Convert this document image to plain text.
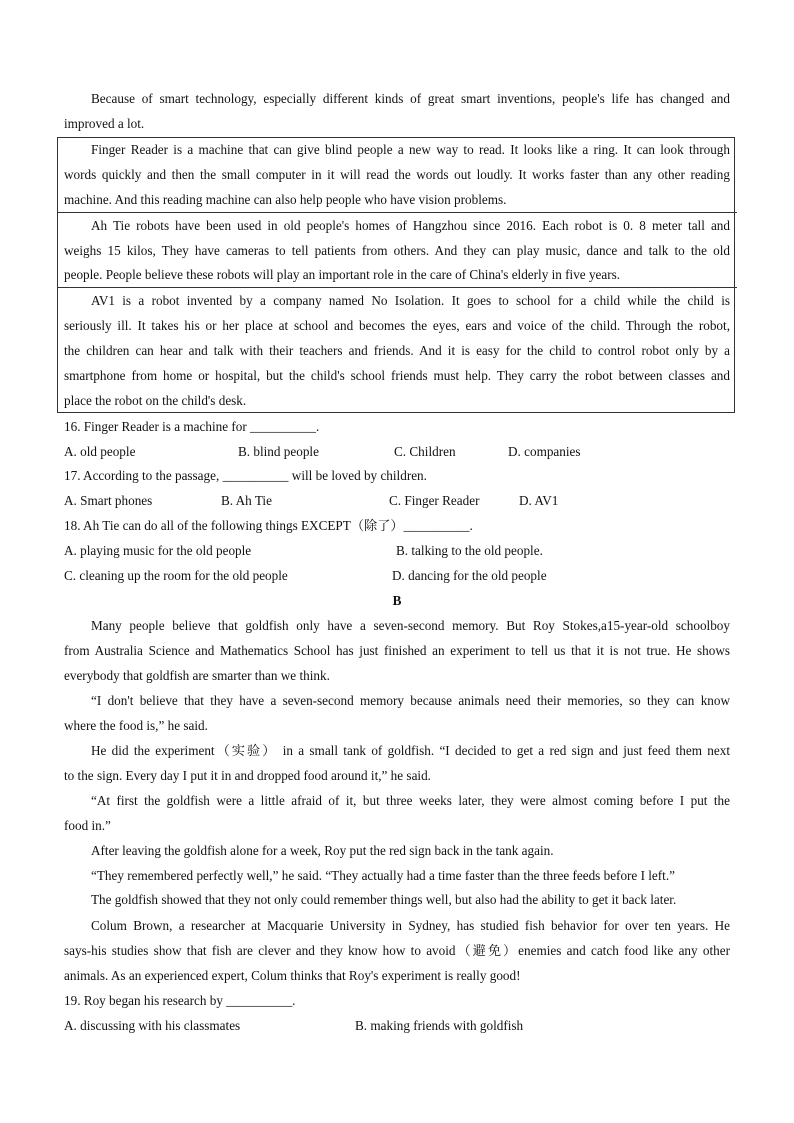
Because of smart technology, especially different kinds of great smart inventions, people's life has changed and
improved a lot.
Finger Reader is a machine that can give blind people a new way to read. It looks like a ring. It can look through
words quickly and then the small computer in it will read the words out loudly. It works faster than any other reading
machine. And this reading machine can also help people who have vision problems.
Ah Tie robots have been used in old people's homes of Hangzhou since 2016. Each robot is 0. 8 meter tall and
weighs 15 kilos, They have cameras to tell patients from others. And they can play music, dance and talk to the old
people. People believe these robots will play an important role in the care of China's elderly in five years.
AV1 is a robot invented by a company named No Isolation. It goes to school for a child while the child is
seriously ill. It takes his or her place at school and becomes the eyes, ears and voice of the child. Through the robot,
the children can hear and talk with their teachers and friends. And it is easy for the child to control robot only by a
smartphone from home or hospital, but the child's school friends must help. They carry the robot between classes and
place the robot on the child's desk.
16. Finger Reader is a machine for __________.
A. old people	B. blind people	C. Children	D. companies
17. According to the passage, __________ will be loved by children.
A. Smart phones	B. Ah Tie	C. Finger Reader	D. AV1
18. Ah Tie can do all of the following things EXCEPT（除了）__________.
A. playing music for the old people	B. talking to the old people.
C. cleaning up the room for the old people	D. dancing for the old people
B
Many people believe that goldfish only have a seven-second memory. But Roy Stokes,a15-year-old schoolboy
from Australia Science and Mathematics School has just finished an experiment to tell us that it is not true. He shows
everybody that goldfish are smarter than we think.
“I don't believe that they have a seven-second memory because animals need their memories, so they can know
where the food is,” he said.
He did the experiment（实验） in a small tank of goldfish. “I decided to get a red sign and just feed them next
to the sign. Every day I put it in and dropped food around it,” he said.
“At first the goldfish were a little afraid of it, but three weeks later, they were almost coming before I put the
food in.”
After leaving the goldfish alone for a week, Roy put the red sign back in the tank again.
“They remembered perfectly well,” he said. “They actually had a time faster than the three feeds before I left.”
The goldfish showed that they not only could remember things well, but also had the ability to get it back later.
Colum Brown, a researcher at Macquarie University in Sydney, has studied fish behavior for over ten years. He
says-his studies show that fish are clever and they know how to avoid（避免）enemies and catch food like any other
animals. As an experienced expert, Colum thinks that Roy's experiment is really good!
19. Roy began his research by __________.
A. discussing with his classmates	B. making friends with goldfish
